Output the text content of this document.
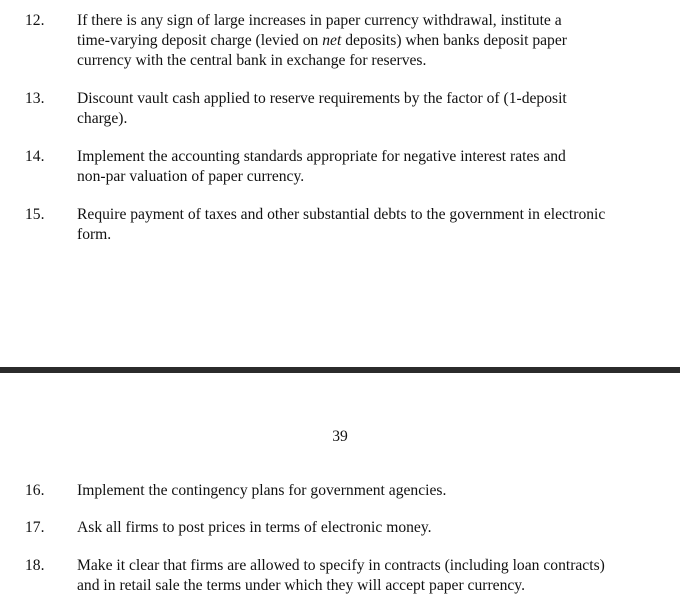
12. If there is any sign of large increases in paper currency withdrawal, institute a
time-varying deposit charge (levied on net deposits) when banks deposit paper
currency with the central bank in exchange for reserves.
13. Discount vault cash applied to reserve requirements by the factor of (1-deposit
charge).
14. Implement the accounting standards appropriate for negative interest rates and
non-par valuation of paper currency.
15. Require payment of taxes and other substantial debts to the government in electronic
form.
39
16. Implement the contingency plans for government agencies.
17. Ask all firms to post prices in terms of electronic money.
18. Make it clear that firms are allowed to specify in contracts (including loan contracts)
and in retail sale the terms under which they will accept paper currency.
